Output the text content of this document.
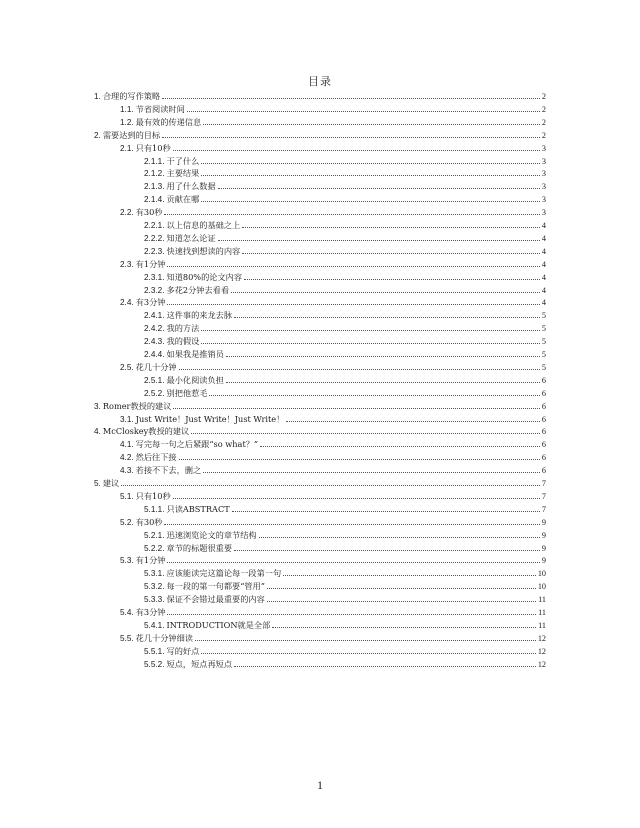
目录
1. 合理的写作策略	2
1.1. 节省阅读时间	2
1.2. 最有效的传递信息	2
2. 需要达到的目标	2
2.1. 只有10秒	3
2.1.1. 干了什么	3
2.1.2. 主要结果	3
2.1.3. 用了什么数据	3
2.1.4. 贡献在哪	3
2.2. 有30秒	3
2.2.1. 以上信息的基础之上	4
2.2.2. 知道怎么论证	4
2.2.3. 快速找到想读的内容	4
2.3. 有1分钟	4
2.3.1. 知道80%的论文内容	4
2.3.2. 多花2分钟去看看	4
2.4. 有3分钟	4
2.4.1. 这件事的来龙去脉	5
2.4.2. 我的方法	5
2.4.3. 我的假设	5
2.4.4. 如果我是推销员	5
2.5. 花几十分钟	5
2.5.1. 最小化阅读负担	6
2.5.2. 别把他惹毛	6
3. Romer教授的建议	6
3.1. Just Write！Just Write！Just Write！	6
4. McCloskey教授的建议	6
4.1. 写完每一句之后紧跟“so what？”	6
4.2. 然后往下接	6
4.3. 若接不下去，删之	6
5. 建议	7
5.1. 只有10秒	7
5.1.1. 只读ABSTRACT	7
5.2. 有30秒	9
5.2.1. 迅速浏览论文的章节结构	9
5.2.2. 章节的标题很重要	9
5.3. 有1分钟	9
5.3.1. 应该能读完这篇论每一段第一句	10
5.3.2. 每一段的第一句都要“管用”	10
5.3.3. 保证不会错过最重要的内容	11
5.4. 有3分钟	11
5.4.1. INTRODUCTION就是全部	11
5.5. 花几十分钟细读	12
5.5.1. 写的好点	12
5.5.2. 短点，短点再短点	12
1
